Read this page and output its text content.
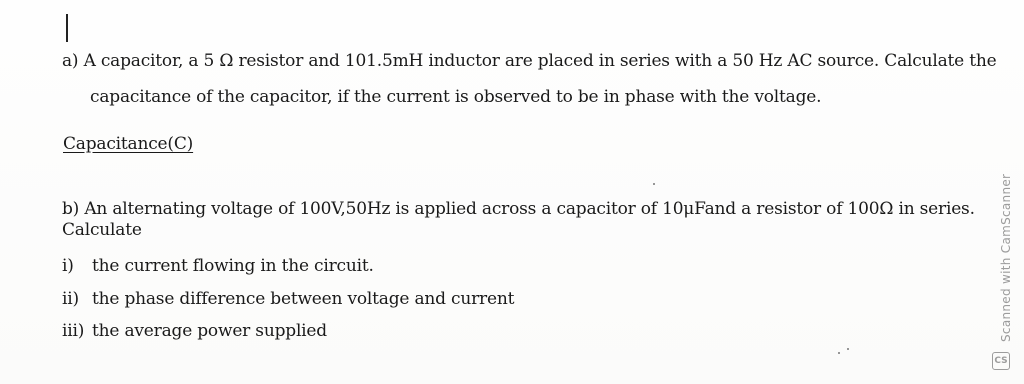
a) A capacitor, a 5 Ω resistor and 101.5mH inductor are placed in series with a 50 Hz AC source. Calculate the
capacitance of the capacitor, if the current is observed to be in phase with the voltage.
Capacitance(C)
b) An alternating voltage of 100V,50Hz is applied across a capacitor of 10μFand a resistor of 100Ω in series.
Calculate
i) the current flowing in the circuit.
ii) the phase difference between voltage and current
iii) the average power supplied	Scanned with CamScanner
CS
